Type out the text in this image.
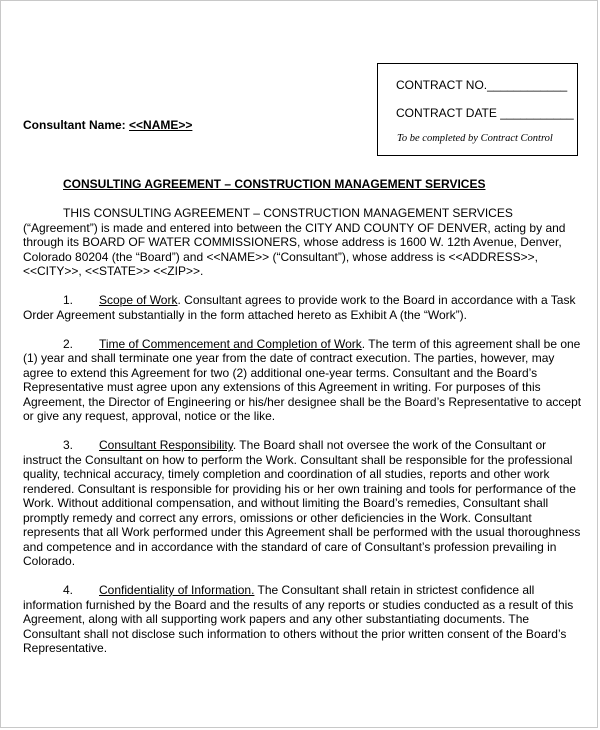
CONTRACT NO.____________
CONTRACT DATE ___________
To be completed by Contract Control
Consultant Name: <<NAME>>
CONSULTING AGREEMENT – CONSTRUCTION MANAGEMENT SERVICES

THIS CONSULTING AGREEMENT – CONSTRUCTION MANAGEMENT SERVICES (“Agreement”) is made and entered into between the CITY AND COUNTY OF DENVER, acting by and through its BOARD OF WATER COMMISSIONERS, whose address is 1600 W. 12th Avenue, Denver, Colorado 80204 (the “Board”) and <<NAME>> (“Consultant”), whose address is <<ADDRESS>>, <<CITY>>, <<STATE>> <<ZIP>>.

1. Scope of Work. Consultant agrees to provide work to the Board in accordance with a Task Order Agreement substantially in the form attached hereto as Exhibit A (the “Work”).

2. Time of Commencement and Completion of Work. The term of this agreement shall be one (1) year and shall terminate one year from the date of contract execution. The parties, however, may agree to extend this Agreement for two (2) additional one-year terms. Consultant and the Board’s Representative must agree upon any extensions of this Agreement in writing. For purposes of this Agreement, the Director of Engineering or his/her designee shall be the Board’s Representative to accept or give any request, approval, notice or the like.

3. Consultant Responsibility. The Board shall not oversee the work of the Consultant or instruct the Consultant on how to perform the Work. Consultant shall be responsible for the professional quality, technical accuracy, timely completion and coordination of all studies, reports and other work rendered. Consultant is responsible for providing his or her own training and tools for performance of the Work. Without additional compensation, and without limiting the Board’s remedies, Consultant shall promptly remedy and correct any errors, omissions or other deficiencies in the Work. Consultant represents that all Work performed under this Agreement shall be performed with the usual thoroughness and competence and in accordance with the standard of care of Consultant’s profession prevailing in Colorado.

4. Confidentiality of Information. The Consultant shall retain in strictest confidence all information furnished by the Board and the results of any reports or studies conducted as a result of this Agreement, along with all supporting work papers and any other substantiating documents. The Consultant shall not disclose such information to others without the prior written consent of the Board’s Representative.
